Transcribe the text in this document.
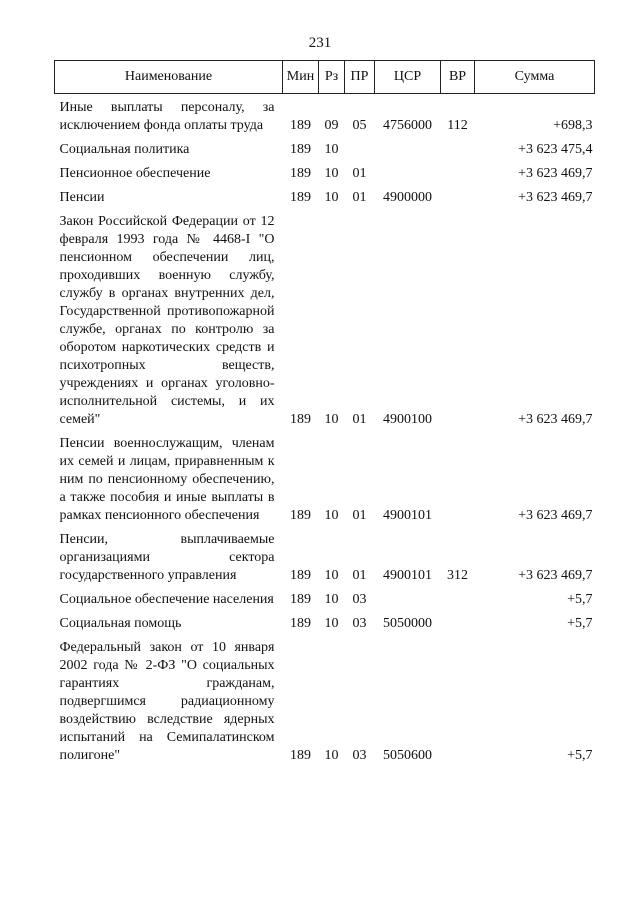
231
Наименование	Мин	Рз	ПР	ЦСР	ВР	Сумма
Иные выплаты персоналу, за исключением фонда оплаты труда	189	09	05	4756000	112	+698,3
Социальная политика	189	10				+3 623 475,4
Пенсионное обеспечение	189	10	01			+3 623 469,7
Пенсии	189	10	01	4900000		+3 623 469,7
Закон Российской Федерации от 12 февраля 1993 года № 4468-I "О пенсионном обеспечении лиц, проходивших военную службу, службу в органах внутренних дел, Государственной противопожарной службе, органах по контролю за оборотом наркотических средств и психотропных веществ, учреждениях и органах уголовно-исполнительной системы, и их семей"	189	10	01	4900100		+3 623 469,7
Пенсии военнослужащим, членам их семей и лицам, приравненным к ним по пенсионному обеспечению, а также пособия и иные выплаты в рамках пенсионного обеспечения	189	10	01	4900101		+3 623 469,7
Пенсии, выплачиваемые организациями сектора государственного управления	189	10	01	4900101	312	+3 623 469,7
Социальное обеспечение населения	189	10	03			+5,7
Социальная помощь	189	10	03	5050000		+5,7
Федеральный закон от 10 января 2002 года № 2-ФЗ "О социальных гарантиях гражданам, подвергшимся радиационному воздействию вследствие ядерных испытаний на Семипалатинском полигоне"	189	10	03	5050600		+5,7
